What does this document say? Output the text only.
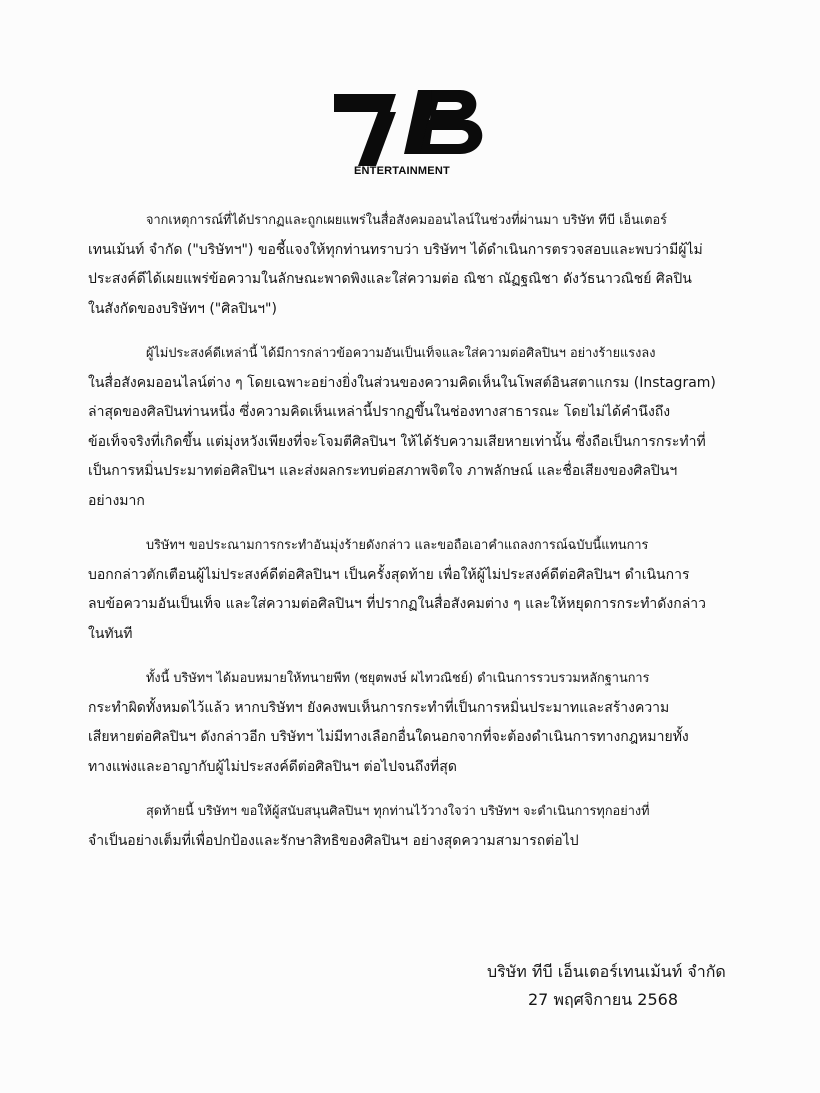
ENTERTAINMENT

จากเหตุการณ์ที่ได้ปรากฏและถูกเผยแพร่ในสื่อสังคมออนไลน์ในช่วงที่ผ่านมา บริษัท ทีบี เอ็นเตอร์
เทนเม้นท์ จำกัด ("บริษัทฯ") ขอชี้แจงให้ทุกท่านทราบว่า บริษัทฯ ได้ดำเนินการตรวจสอบและพบว่ามีผู้ไม่
ประสงค์ดีได้เผยแพร่ข้อความในลักษณะพาดพิงและใส่ความต่อ ณิชา ณัฏฐณิชา ดังวัธนาวณิชย์ ศิลปิน
ในสังกัดของบริษัทฯ ("ศิลปินฯ")

ผู้ไม่ประสงค์ดีเหล่านี้ ได้มีการกล่าวข้อความอันเป็นเท็จและใส่ความต่อศิลปินฯ อย่างร้ายแรงลง
ในสื่อสังคมออนไลน์ต่าง ๆ โดยเฉพาะอย่างยิ่งในส่วนของความคิดเห็นในโพสต์อินสตาแกรม (Instagram)
ล่าสุดของศิลปินท่านหนึ่ง ซึ่งความคิดเห็นเหล่านี้ปรากฏขึ้นในช่องทางสาธารณะ โดยไม่ได้คำนึงถึง
ข้อเท็จจริงที่เกิดขึ้น แต่มุ่งหวังเพียงที่จะโจมตีศิลปินฯ ให้ได้รับความเสียหายเท่านั้น ซึ่งถือเป็นการกระทำที่
เป็นการหมิ่นประมาทต่อศิลปินฯ และส่งผลกระทบต่อสภาพจิตใจ ภาพลักษณ์ และชื่อเสียงของศิลปินฯ
อย่างมาก

บริษัทฯ ขอประณามการกระทำอันมุ่งร้ายดังกล่าว และขอถือเอาคำแถลงการณ์ฉบับนี้แทนการ
บอกกล่าวตักเตือนผู้ไม่ประสงค์ดีต่อศิลปินฯ เป็นครั้งสุดท้าย เพื่อให้ผู้ไม่ประสงค์ดีต่อศิลปินฯ ดำเนินการ
ลบข้อความอันเป็นเท็จ และใส่ความต่อศิลปินฯ ที่ปรากฏในสื่อสังคมต่าง ๆ และให้หยุดการกระทำดังกล่าว
ในทันที

ทั้งนี้ บริษัทฯ ได้มอบหมายให้ทนายพีท (ชยุตพงษ์ ผไทวณิชย์) ดำเนินการรวบรวมหลักฐานการ
กระทำผิดทั้งหมดไว้แล้ว หากบริษัทฯ ยังคงพบเห็นการกระทำที่เป็นการหมิ่นประมาทและสร้างความ
เสียหายต่อศิลปินฯ ดังกล่าวอีก บริษัทฯ ไม่มีทางเลือกอื่นใดนอกจากที่จะต้องดำเนินการทางกฎหมายทั้ง
ทางแพ่งและอาญากับผู้ไม่ประสงค์ดีต่อศิลปินฯ ต่อไปจนถึงที่สุด

สุดท้ายนี้ บริษัทฯ ขอให้ผู้สนับสนุนศิลปินฯ ทุกท่านไว้วางใจว่า บริษัทฯ จะดำเนินการทุกอย่างที่
จำเป็นอย่างเต็มที่เพื่อปกป้องและรักษาสิทธิของศิลปินฯ อย่างสุดความสามารถต่อไป

บริษัท ทีบี เอ็นเตอร์เทนเม้นท์ จำกัด
27 พฤศจิกายน 2568
